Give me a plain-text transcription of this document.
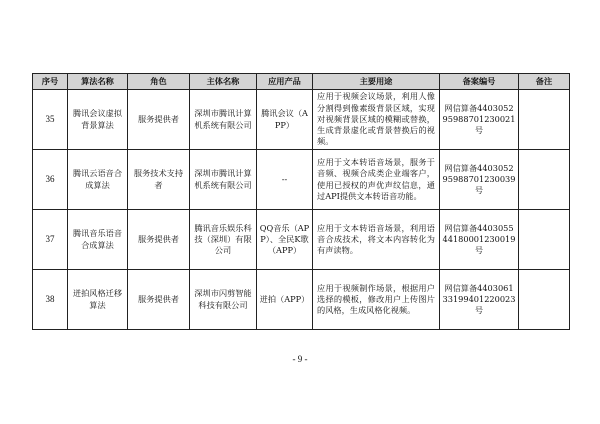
序号	算法名称	角色	主体名称	应用产品	主要用途	备案编号	备注
35	腾讯会议虚拟背景算法	服务提供者	深圳市腾讯计算机系统有限公司	腾讯会议（APP）	应用于视频会议场景，利用人像分割得到像素级背景区域，实现对视频背景区域的模糊或替换，生成背景虚化或背景替换后的视频。	网信算备440305295988701230021号	
36	腾讯云语音合成算法	服务技术支持者	深圳市腾讯计算机系统有限公司	--	应用于文本转语音场景，服务于音频、视频合成类企业端客户，使用已授权的声优声纹信息，通过API提供文本转语音功能。	网信算备440305295988701230039号	
37	腾讯音乐语音合成算法	服务提供者	腾讯音乐娱乐科技（深圳）有限公司	QQ音乐（APP）、全民K歌（APP）	应用于文本转语音场景，利用语音合成技术，将文本内容转化为有声读物。	网信算备440305544180001230019号	
38	迸拍风格迁移算法	服务提供者	深圳市闪剪智能科技有限公司	迸拍（APP）	应用于视频制作场景，根据用户选择的模板，修改用户上传图片的风格，生成风格化视频。	网信算备440306133199401220023号	
- 9 -
